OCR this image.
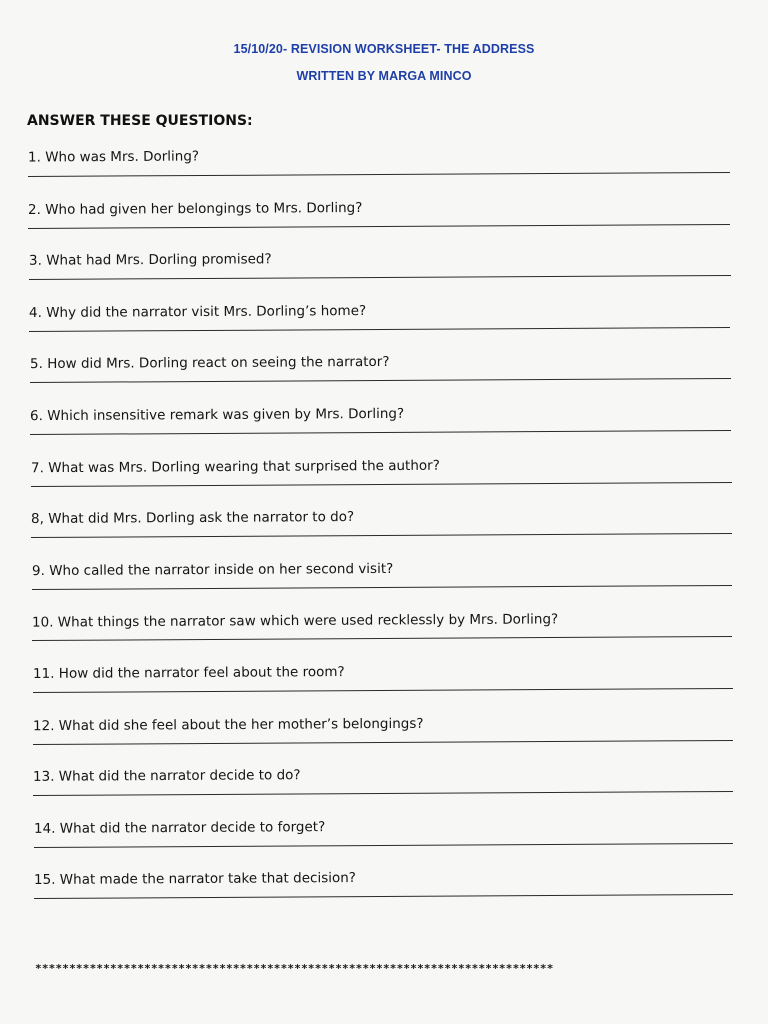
15/10/20- REVISION WORKSHEET- THE ADDRESS
WRITTEN BY MARGA MINCO
ANSWER THESE QUESTIONS:
1. Who was Mrs. Dorling?
2. Who had given her belongings to Mrs. Dorling?
3. What had Mrs. Dorling promised?
4. Why did the narrator visit Mrs. Dorling’s home?
5. How did Mrs. Dorling react on seeing the narrator?
6. Which insensitive remark was given by Mrs. Dorling?
7. What was Mrs. Dorling wearing that surprised the author?
8, What did Mrs. Dorling ask the narrator to do?
9. Who called the narrator inside on her second visit?
10. What things the narrator saw which were used recklessly by Mrs. Dorling?
11. How did the narrator feel about the room?
12. What did she feel about the her mother’s belongings?
13. What did the narrator decide to do?
14. What did the narrator decide to forget?
15. What made the narrator take that decision?
****************************************************************************
